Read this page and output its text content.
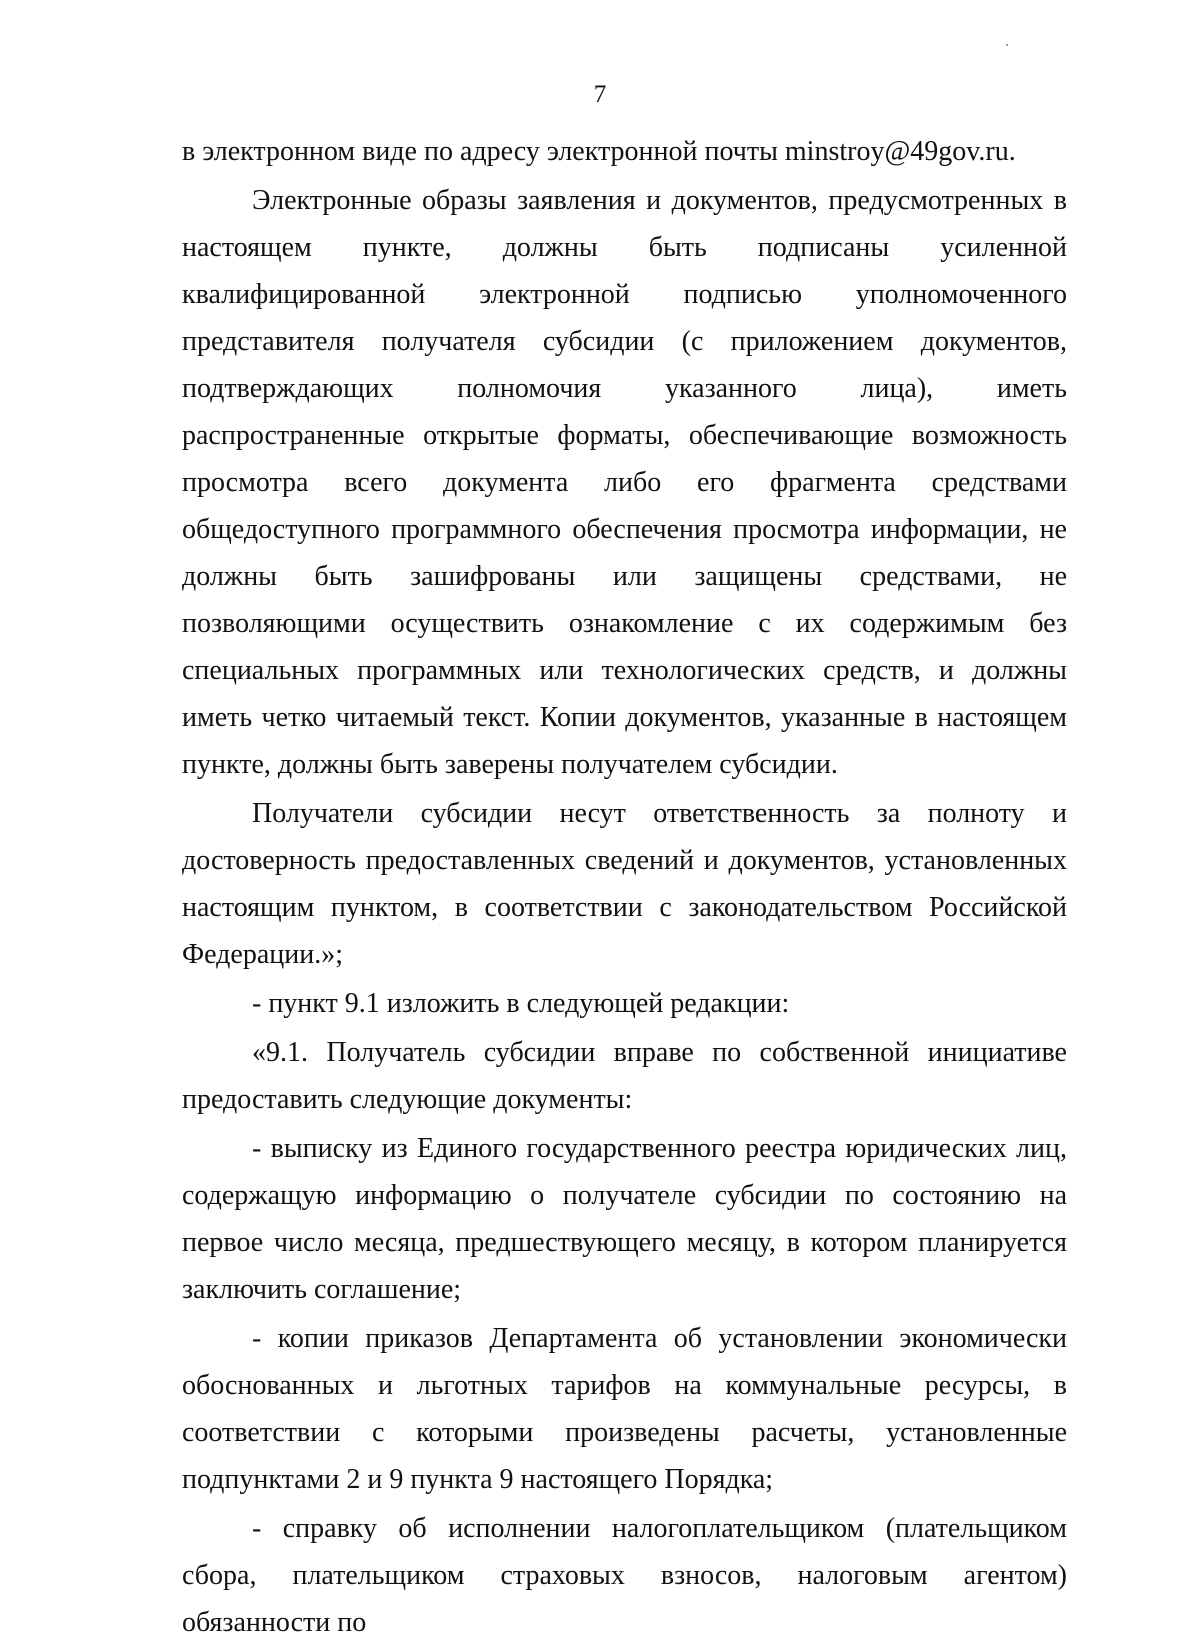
7

в электронном виде по адресу электронной почты minstroy@49gov.ru.

Электронные образы заявления и документов, предусмотренных в настоящем пункте, должны быть подписаны усиленной квалифицированной электронной подписью уполномоченного представителя получателя субсидии (с приложением документов, подтверждающих полномочия указанного лица), иметь распространенные открытые форматы, обеспечивающие возможность просмотра всего документа либо его фрагмента средствами общедоступного программного обеспечения просмотра информации, не должны быть зашифрованы или защищены средствами, не позволяющими осуществить ознакомление с их содержимым без специальных программных или технологических средств, и должны иметь четко читаемый текст. Копии документов, указанные в настоящем пункте, должны быть заверены получателем субсидии.

Получатели субсидии несут ответственность за полноту и достоверность предоставленных сведений и документов, установленных настоящим пунктом, в соответствии с законодательством Российской Федерации.»;

- пункт 9.1 изложить в следующей редакции:

«9.1. Получатель субсидии вправе по собственной инициативе предоставить следующие документы:

- выписку из Единого государственного реестра юридических лиц, содержащую информацию о получателе субсидии по состоянию на первое число месяца, предшествующего месяцу, в котором планируется заключить соглашение;

- копии приказов Департамента об установлении экономически обоснованных и льготных тарифов на коммунальные ресурсы, в соответствии с которыми произведены расчеты, установленные подпунктами 2 и 9 пункта 9 настоящего Порядка;

- справку об исполнении налогоплательщиком (плательщиком сбора, плательщиком страховых взносов, налоговым агентом) обязанности по
